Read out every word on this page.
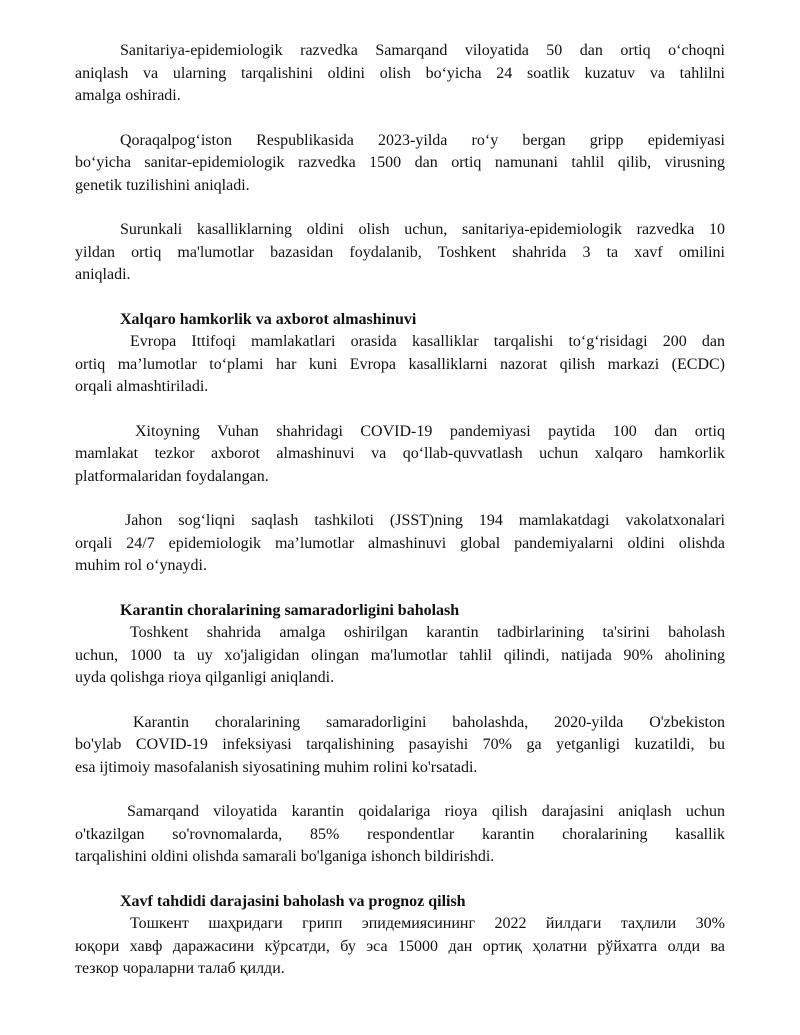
Sanitariya-epidemiologik razvedka Samarqand viloyatida 50 dan ortiq oʻchoqni
aniqlash va ularning tarqalishini oldini olish boʻyicha 24 soatlik kuzatuv va tahlilni
amalga oshiradi.
Qoraqalpogʻiston Respublikasida 2023-yilda roʻy bergan gripp epidemiyasi
boʻyicha sanitar-epidemiologik razvedka 1500 dan ortiq namunani tahlil qilib, virusning
genetik tuzilishini aniqladi.
Surunkali kasalliklarning oldini olish uchun, sanitariya-epidemiologik razvedka 10
yildan ortiq ma'lumotlar bazasidan foydalanib, Toshkent shahrida 3 ta xavf omilini
aniqladi.
Xalqaro hamkorlik va axborot almashinuvi
Evropa Ittifoqi mamlakatlari orasida kasalliklar tarqalishi toʻgʻrisidagi 200 dan
ortiq maʼlumotlar toʻplami har kuni Evropa kasalliklarni nazorat qilish markazi (ECDC)
orqali almashtiriladi.
Xitoyning Vuhan shahridagi COVID-19 pandemiyasi paytida 100 dan ortiq
mamlakat tezkor axborot almashinuvi va qoʻllab-quvvatlash uchun xalqaro hamkorlik
platformalaridan foydalangan.
Jahon sogʻliqni saqlash tashkiloti (JSST)ning 194 mamlakatdagi vakolatxonalari
orqali 24/7 epidemiologik maʼlumotlar almashinuvi global pandemiyalarni oldini olishda
muhim rol oʻynaydi.
Karantin choralarining samaradorligini baholash
Toshkent shahrida amalga oshirilgan karantin tadbirlarining ta'sirini baholash
uchun, 1000 ta uy xo'jaligidan olingan ma'lumotlar tahlil qilindi, natijada 90% aholining
uyda qolishga rioya qilganligi aniqlandi.
Karantin choralarining samaradorligini baholashda, 2020-yilda O'zbekiston
bo'ylab COVID-19 infeksiyasi tarqalishining pasayishi 70% ga yetganligi kuzatildi, bu
esa ijtimoiy masofalanish siyosatining muhim rolini ko'rsatadi.
Samarqand viloyatida karantin qoidalariga rioya qilish darajasini aniqlash uchun
o'tkazilgan so'rovnomalarda, 85% respondentlar karantin choralarining kasallik
tarqalishini oldini olishda samarali bo'lganiga ishonch bildirishdi.
Xavf tahdidi darajasini baholash va prognoz qilish
Тошкент шаҳридаги грипп эпидемиясининг 2022 йилдаги таҳлили 30%
юқори хавф даражасини кўрсатди, бу эса 15000 дан ортиқ ҳолатни рўйхатга олди ва
тезкор чораларни талаб қилди.
